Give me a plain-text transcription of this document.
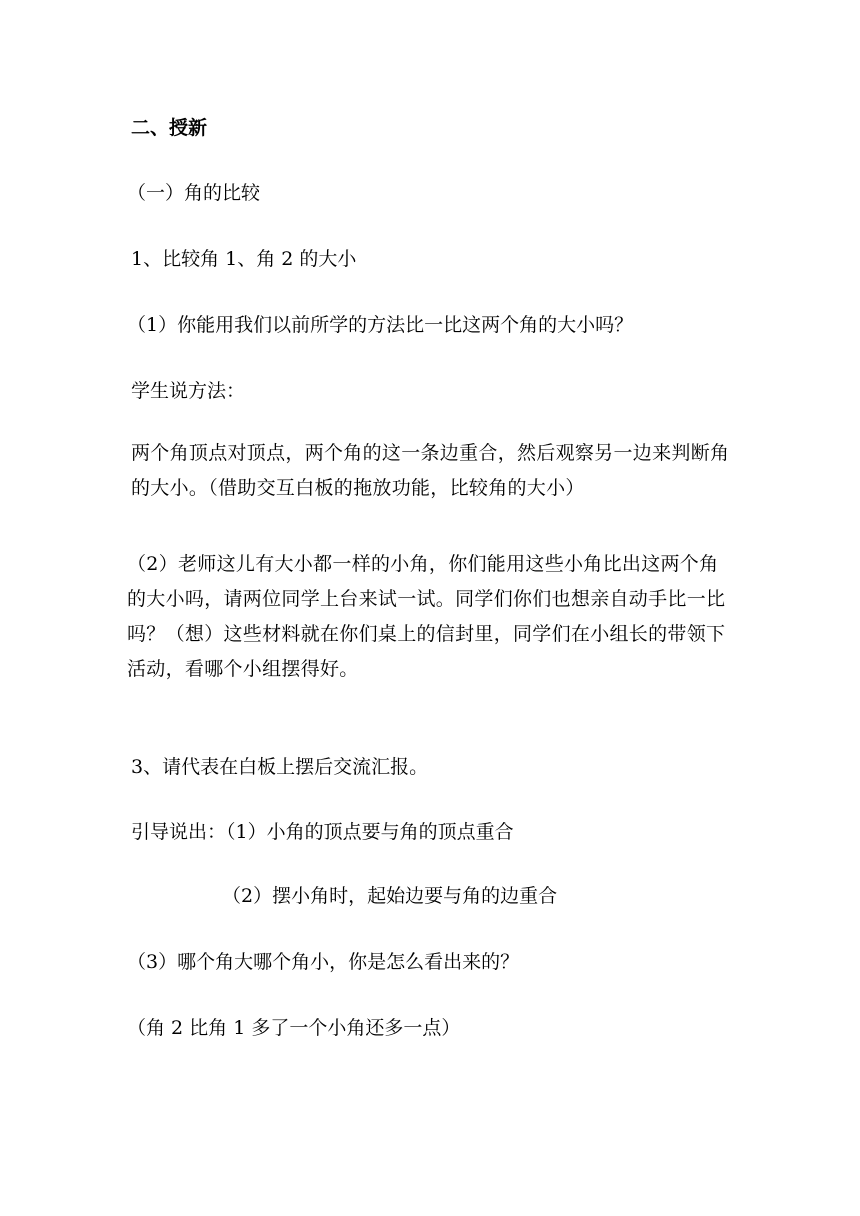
二、授新
（一）角的比较
1、比较角 1、角 2 的大小
（1）你能用我们以前所学的方法比一比这两个角的大小吗？
学生说方法：
两个角顶点对顶点，两个角的这一条边重合，然后观察另一边来判断角的大小。（借助交互白板的拖放功能，比较角的大小）
（2）老师这儿有大小都一样的小角，你们能用这些小角比出这两个角的大小吗，请两位同学上台来试一试。同学们你们也想亲自动手比一比吗？（想）这些材料就在你们桌上的信封里，同学们在小组长的带领下活动，看哪个小组摆得好。
3、请代表在白板上摆后交流汇报。
引导说出：（1）小角的顶点要与角的顶点重合
（2）摆小角时，起始边要与角的边重合
（3）哪个角大哪个角小，你是怎么看出来的？
（角 2 比角 1 多了一个小角还多一点）
